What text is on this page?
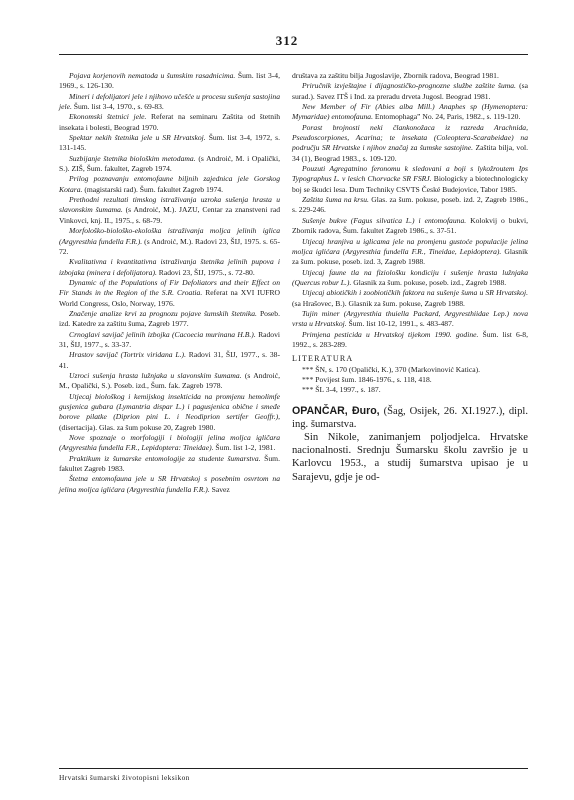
312

Pojava korjenovih nematoda u šumskim rasadnicima. Šum. list 3-4, 1969., s. 126-130.

Mineri i defolijatori jele i njihovo učešće u procesu sušenja sastojina jele. Šum. list 3-4, 1970., s. 69-83.

Ekonomski štetnici jele. Referat na seminaru Zaštita od štetnih insekata i bolesti, Beograd 1970.

Spektar nekih štetnika jele u SR Hrvatskoj. Šum. list 3-4, 1972, s. 131-145.

Suzbijanje štetnika biološkim metodama. (s Androić, M. i Opalički, S.). ZIŠ, Šum. fakultet, Zagreb 1974.

Prilog poznavanju entomofaune biljnih zajednica jele Gorskog Kotara. (magistarski rad). Šum. fakultet Zagreb 1974.

Prethodni rezultati timskog istraživanja uzroka sušenja hrasta u slavonskim šumama. (s Androić, M.). JAZU, Centar za znanstveni rad Vinkovci, knj. II., 1975., s. 68-79.

Morfološko-biološko-ekološka istraživanja moljca jelinih iglica (Argyresthia fundella F.R.). (s Androić, M.). Radovi 23, ŠIJ, 1975. s. 65-72.

Kvalitativna i kvantitativna istraživanja štetnika jelinih pupova i izbojaka (minera i defolijatora). Radovi 23, ŠIJ, 1975., s. 72-80.

Dynamic of the Populations of Fir Defoliators and their Effect on Fir Stands in the Region of the S.R. Croatia. Referat na XVI IUFRO World Congress, Oslo, Norway, 1976.

Značenje analize krvi za prognozu pojave šumskih štetnika. Poseb. izd. Katedre za zaštitu šuma, Zagreb 1977.

Crnoglavi savijač jelinih izbojka (Cacoecia murinana H.B.). Radovi 31, ŠIJ, 1977., s. 33-37.

Hrastov savijač (Tortrix viridana L.). Radovi 31, ŠIJ, 1977., s. 38-41.

Uzroci sušenja hrasta lužnjaka u slavonskim šumama. (s Androić, M., Opalički, S.). Poseb. izd., Šum. fak. Zagreb 1978.

Utjecaj biološkog i kemijskog insekticida na promjenu hemolimfe gusjenica gubara (Lymantria dispar L.) i pagusjenica obične i smeđe borove pilatke (Diprion pini L. i Neodiprion sertifer Geoffr.), (disertacija). Glas. za šum pokuse 20, Zagreb 1980.

Nove spoznaje o morfologiji i biologiji jelina moljca igličara (Argyresthia fundella F.R., Lepidoptera: Tineidae). Šum. list 1-2, 1981.

Praktikum iz šumarske entomologije za studente šumarstva. Šum. fakultet Zagreb 1983.

Štetna entomofauna jele u SR Hrvatskoj s posebnim osvrtom na jelina moljca iglićara (Argyresthia fundella F.R.). Savez

društava za zaštitu bilja Jugoslavije, Zbornik radova, Beograd 1981.

Priručnik izvještajne i dijagnostičko-prognozne službe zaštite šuma. (sa surad.). Savez ITŠ i Ind. za preradu drveta Jugosl. Beograd 1981.

New Member of Fir (Abies alba Mill.) Anaphes sp (Hymenoptera: Mymaridae) entomofauna. Entomophaga” No. 24, Paris, 1982., s. 119-120.

Porast brojnosti neki člankonožaca iz razreda Arachnida, Pseudoscorpiones, Acarina; te insekata (Coleoptera-Scarabeidae) na području SR Hrvatske i njihov značaj za šumske sastojine. Zaštita bilja, vol. 34 (1), Beograd 1983., s. 109-120.

Pouzuti Agregatnino feronomu k sledovani a boji s lykožroutem Ips Typographus L. v lesich Chorvacke SR FSRJ. Biologicky a biotechnologicky boj se škudci lesa. Dum Techniky CSVTS České Budejovice, Tabor 1985.

Zaštita šuma na krsu. Glas. za šum. pokuse, poseb. izd. 2, Zagreb 1986., s. 229-246.

Sušenje bukve (Fagus silvatica L.) i entomofauna. Kolokvij o bukvi, Zbornik radova, Šum. fakultet Zagreb 1986., s. 37-51.

Utjecaj hranjiva u iglicama jele na promjenu gustoće populacije jelina moljca iglićara (Argyresthia fundella F.R., Tineidae, Lepidoptera). Glasnik za šum. pokuse, poseb. izd. 3, Zagreb 1988.

Utjecaj faune tla na fiziološku kondiciju i sušenje hrasta lužnjaka (Quercus robur L.). Glasnik za šum. pokuse, poseb. izd., Zagreb 1988.

Utjecaj abiotičkih i zoobiotičkih faktora na sušenje šuma u SR Hrvatskoj. (sa Hrašovec, B.). Glasnik za šum. pokuse, Zagreb 1988.

Tujin miner (Argyresthia thuiella Packard, Argyresthiidae Lep.) nova vrsta u Hrvatskoj. Šum. list 10-12, 1991., s. 483-487.

Primjena pesticida u Hrvatskoj tijekom 1990. godine. Šum. list 6-8, 1992., s. 283-289.

LITERATURA

*** ŠN, s. 170 (Opalički, K.), 370 (Markovinović Katica).

*** Povijest šum. 1846-1976., s. 118, 418.

*** ŠL 3-4, 1997., s. 187.

OPANČAR, Đuro, (Šag, Osijek, 26. XI.1927.), dipl. ing. šumarstva.

Sin Nikole, zanimanjem poljodjelca. Hrvatske nacionalnosti. Srednju Šumarsku školu završio je u Karlovcu 1953., a studij šumarstva upisao je u Sarajevu, gdje je od-

Hrvatski šumarski životopisni leksikon
